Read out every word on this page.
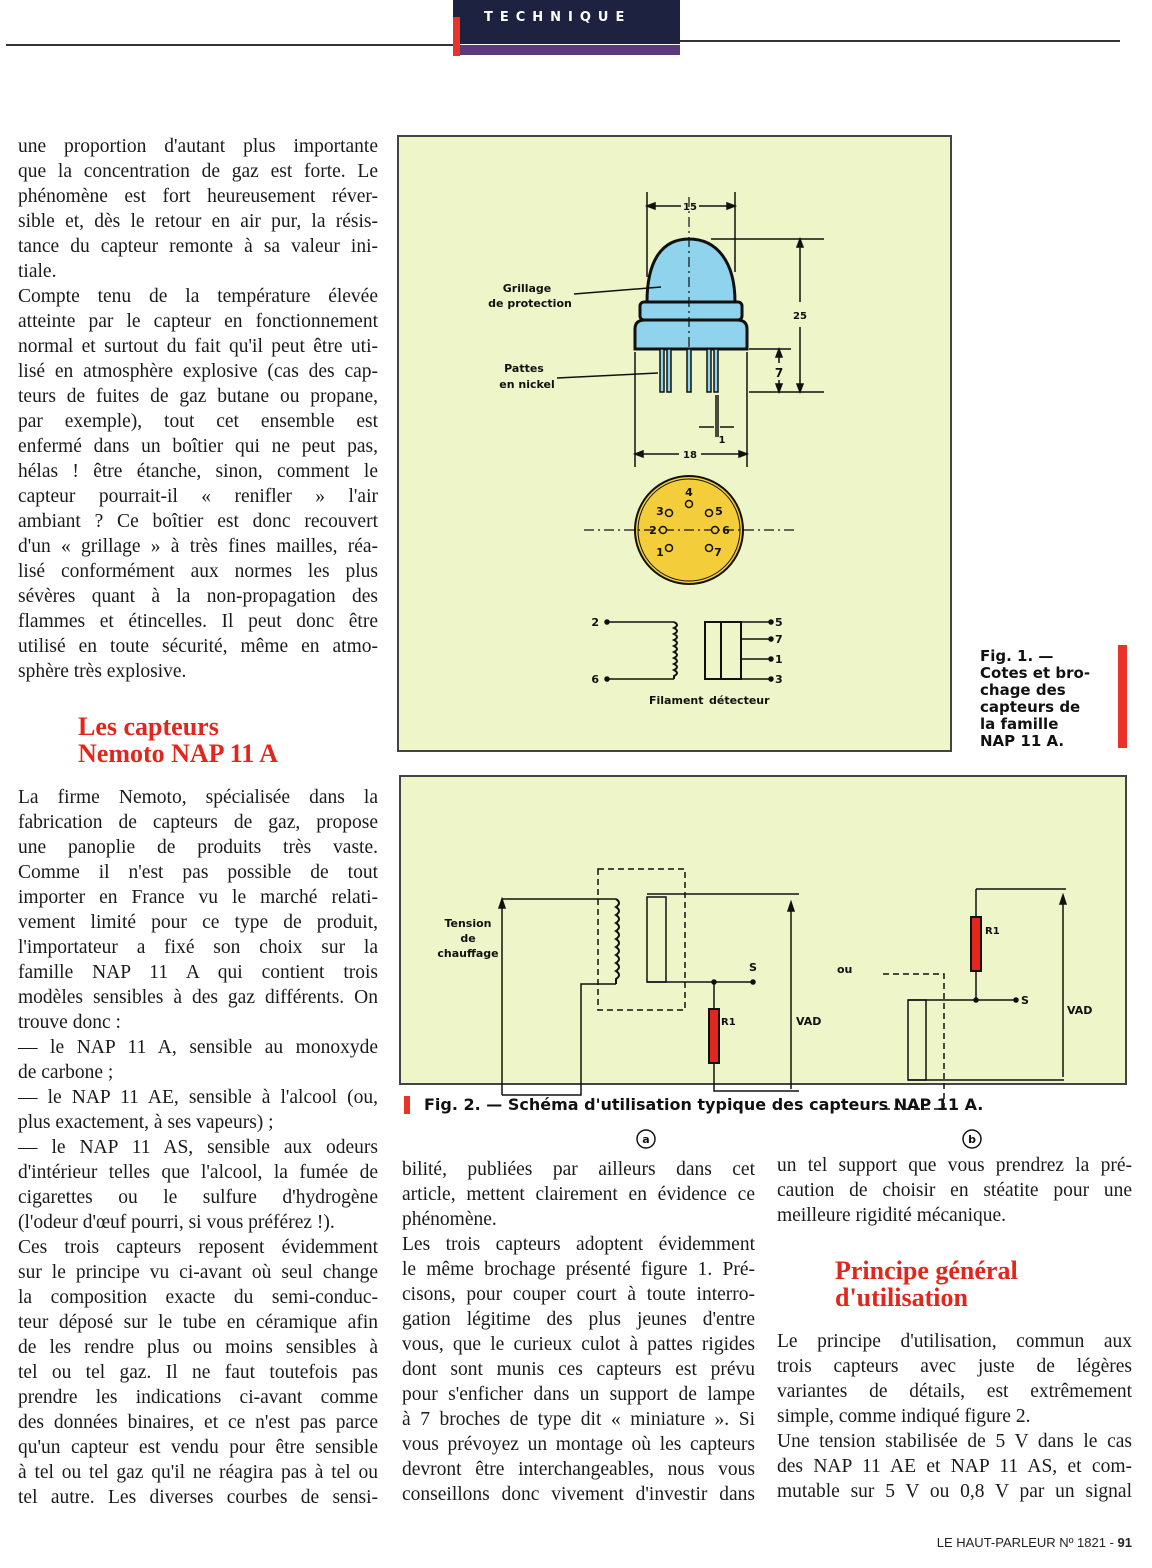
TECHNIQUE
une proportion d'autant plus importante
que la concentration de gaz est forte. Le
phénomène est fort heureusement réver-
sible et, dès le retour en air pur, la résis-
tance du capteur remonte à sa valeur ini-
tiale.
Compte tenu de la température élevée
atteinte par le capteur en fonctionnement
normal et surtout du fait qu'il peut être uti-
lisé en atmosphère explosive (cas des cap-
teurs de fuites de gaz butane ou propane,
par exemple), tout cet ensemble est
enfermé dans un boîtier qui ne peut pas,
hélas ! être étanche, sinon, comment le
capteur pourrait-il « renifler » l'air
ambiant ? Ce boîtier est donc recouvert
d'un « grillage » à très fines mailles, réa-
lisé conformément aux normes les plus
sévères quant à la non-propagation des
flammes et étincelles. Il peut donc être
utilisé en toute sécurité, même en atmo-
sphère très explosive.
Les capteurs
Nemoto NAP 11 A
La firme Nemoto, spécialisée dans la
fabrication de capteurs de gaz, propose
une panoplie de produits très vaste.
Comme il n'est pas possible de tout
importer en France vu le marché relati-
vement limité pour ce type de produit,
l'importateur a fixé son choix sur la
famille NAP 11 A qui contient trois
modèles sensibles à des gaz différents. On
trouve donc :
— le NAP 11 A, sensible au monoxyde
de carbone ;
— le NAP 11 AE, sensible à l'alcool (ou,
plus exactement, à ses vapeurs) ;
— le NAP 11 AS, sensible aux odeurs
d'intérieur telles que l'alcool, la fumée de
cigarettes ou le sulfure d'hydrogène
(l'odeur d'œuf pourri, si vous préférez !).
Ces trois capteurs reposent évidemment
sur le principe vu ci-avant où seul change
la composition exacte du semi-conduc-
teur déposé sur le tube en céramique afin
de les rendre plus ou moins sensibles à
tel ou tel gaz. Il ne faut toutefois pas
prendre les indications ci-avant comme
des données binaires, et ce n'est pas parce
qu'un capteur est vendu pour être sensible
à tel ou tel gaz qu'il ne réagira pas à tel ou
tel autre. Les diverses courbes de sensi-
bilité, publiées par ailleurs dans cet
article, mettent clairement en évidence ce
phénomène.
Les trois capteurs adoptent évidemment
le même brochage présenté figure 1. Pré-
cisons, pour couper court à toute interro-
gation légitime des plus jeunes d'entre
vous, que le curieux culot à pattes rigides
dont sont munis ces capteurs est prévu
pour s'enficher dans un support de lampe
à 7 broches de type dit « miniature ». Si
vous prévoyez un montage où les capteurs
devront être interchangeables, nous vous
conseillons donc vivement d'investir dans
un tel support que vous prendrez la pré-
caution de choisir en stéatite pour une
meilleure rigidité mécanique.
Principe général
d'utilisation
Le principe d'utilisation, commun aux
trois capteurs avec juste de légères
variantes de détails, est extrêmement
simple, comme indiqué figure 2.
Une tension stabilisée de 5 V dans le cas
des NAP 11 AE et NAP 11 AS, et com-
mutable sur 5 V ou 0,8 V par un signal
15
25
7
1
18
Grillage
de protection
Pattes
en nickel
1
2
3
4
5
6
7
2
6
5
7
1
3
Filament détecteur
Fig. 1. —
Cotes et bro-
chage des
capteurs de
la famille
NAP 11 A.
Tension
de
chauffage
S
R1	VAD
ou
a
S
R1
VAD
b
Fig. 2. — Schéma d'utilisation typique des capteurs NAP 11 A.
LE HAUT-PARLEUR Nº 1821 - 91
